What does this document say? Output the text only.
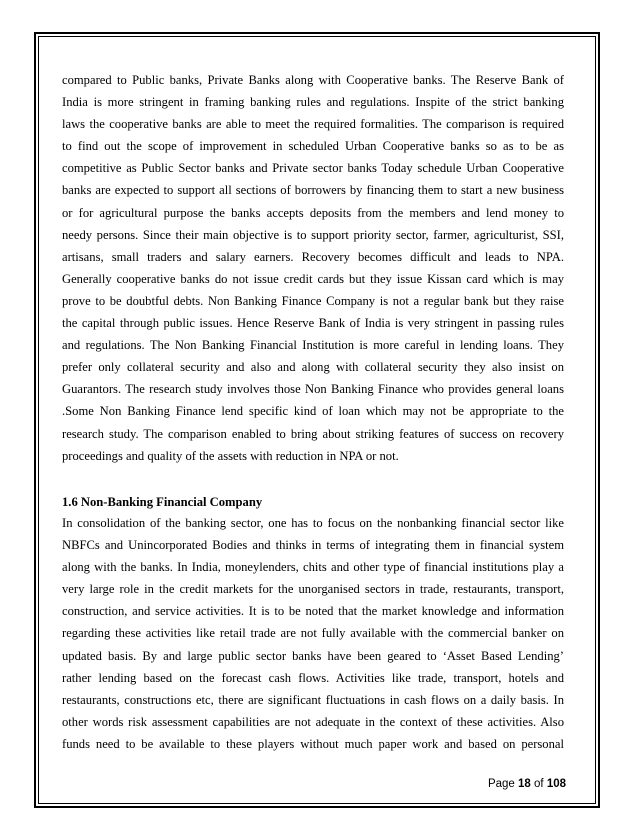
compared to Public banks, Private Banks along with Cooperative banks. The Reserve Bank of

India is more stringent in framing banking rules and regulations. Inspite of the strict banking

laws the cooperative banks are able to meet the required formalities. The comparison is required

to find out the scope of improvement in scheduled Urban Cooperative banks so as to be as

competitive as Public Sector banks and Private sector banks Today schedule Urban Cooperative

banks are expected to support all sections of borrowers by financing them to start a new business

or for agricultural purpose the banks accepts deposits from the members and lend money to

needy persons. Since their main objective is to support priority sector, farmer, agriculturist, SSI,

artisans, small traders and salary earners. Recovery becomes difficult and leads to NPA.

Generally cooperative banks do not issue credit cards but they issue Kissan card which is may

prove to be doubtful debts. Non Banking Finance Company is not a regular bank but they raise

the capital through public issues. Hence Reserve Bank of India is very stringent in passing rules

and regulations. The Non Banking Financial Institution is more careful in lending loans. They

prefer only collateral security and also and along with collateral security they also insist on

Guarantors. The research study involves those Non Banking Finance who provides general loans

.Some Non Banking Finance lend specific kind of loan which may not be appropriate to the

research study. The comparison enabled to bring about striking features of success on recovery

proceedings and quality of the assets with reduction in NPA or not.

1.6 Non-Banking Financial Company

In consolidation of the banking sector, one has to focus on the nonbanking financial sector like

NBFCs and Unincorporated Bodies and thinks in terms of integrating them in financial system

along with the banks. In India, moneylenders, chits and other type of financial institutions play a

very large role in the credit markets for the unorganised sectors in trade, restaurants, transport,

construction, and service activities. It is to be noted that the market knowledge and information

regarding these activities like retail trade are not fully available with the commercial banker on

updated basis. By and large public sector banks have been geared to ‘Asset Based Lending’

rather lending based on the forecast cash flows. Activities like trade, transport, hotels and

restaurants, constructions etc, there are significant fluctuations in cash flows on a daily basis. In

other words risk assessment capabilities are not adequate in the context of these activities. Also

funds need to be available to these players without much paper work and based on personal

Page 18 of 108
